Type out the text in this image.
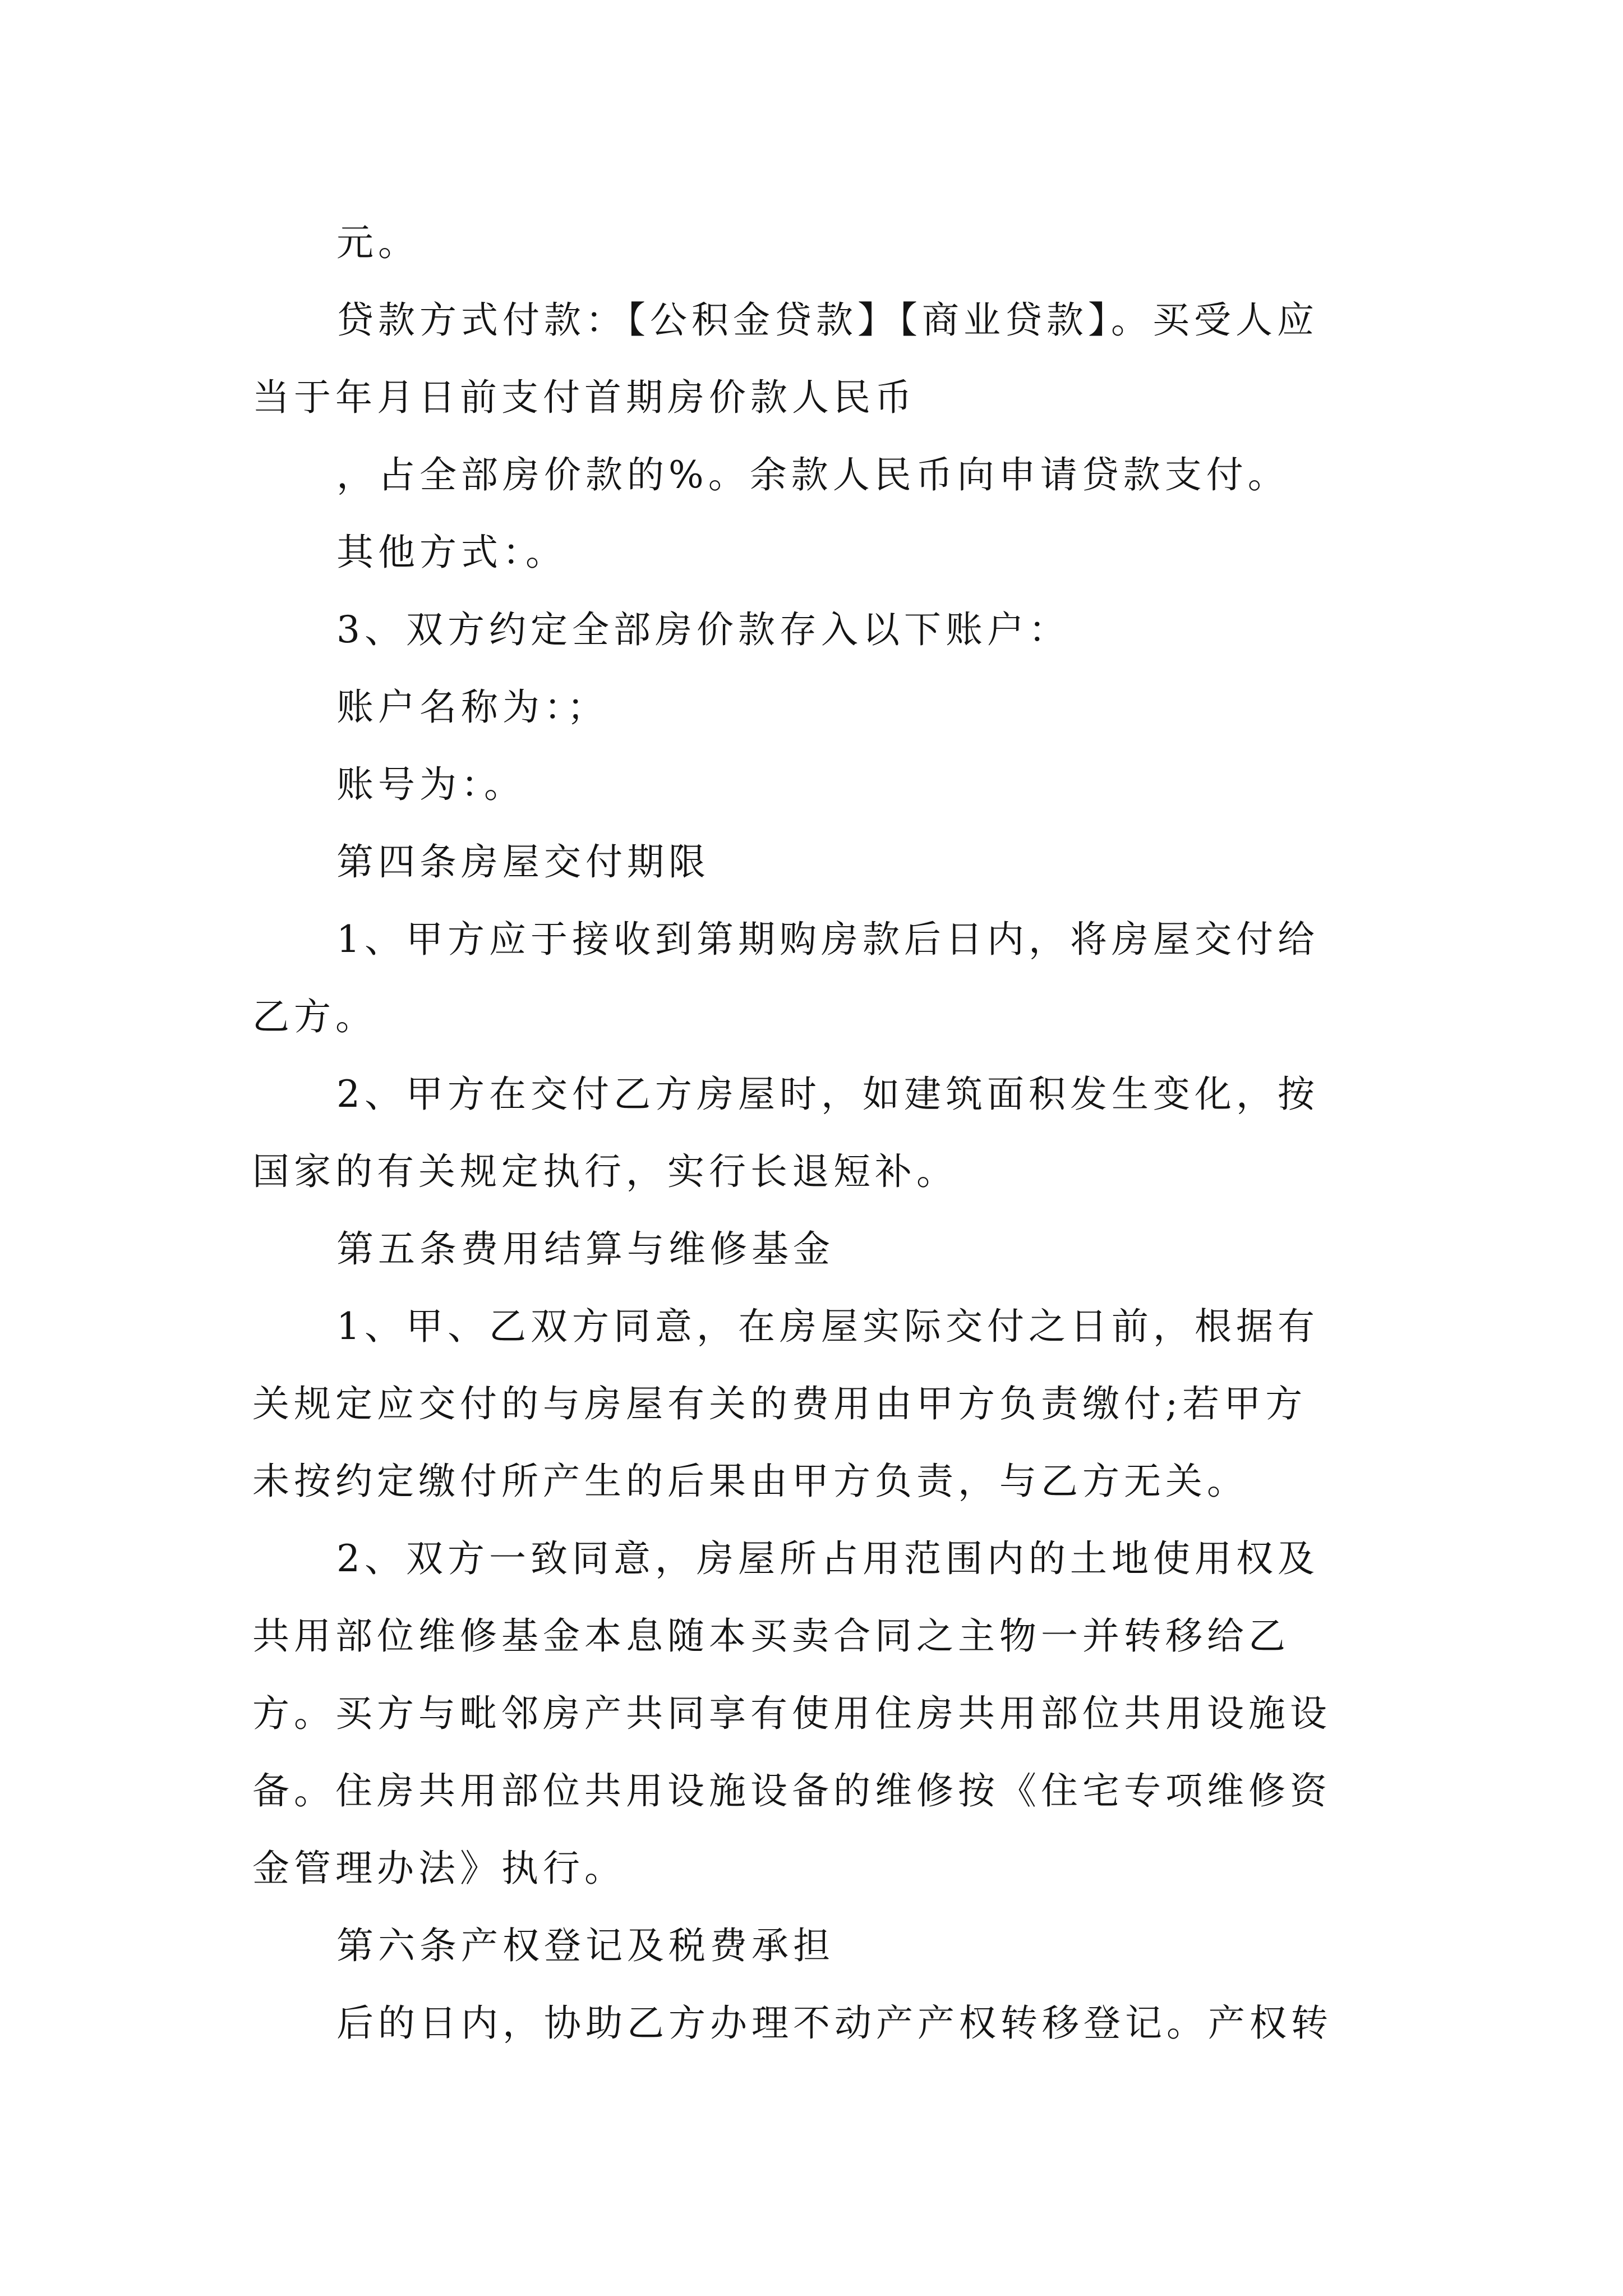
元。

贷款方式付款：【公积金贷款】【商业贷款】。买受人应

当于年月日前支付首期房价款人民币

，占全部房价款的%。余款人民币向申请贷款支付。

其他方式：。

3、双方约定全部房价款存入以下账户：

账户名称为：；

账号为：。

第四条房屋交付期限

1、甲方应于接收到第期购房款后日内，将房屋交付给

乙方。

2、甲方在交付乙方房屋时，如建筑面积发生变化，按

国家的有关规定执行，实行长退短补。

第五条费用结算与维修基金

1、甲、乙双方同意，在房屋实际交付之日前，根据有

关规定应交付的与房屋有关的费用由甲方负责缴付;若甲方

未按约定缴付所产生的后果由甲方负责，与乙方无关。

2、双方一致同意，房屋所占用范围内的土地使用权及

共用部位维修基金本息随本买卖合同之主物一并转移给乙

方。买方与毗邻房产共同享有使用住房共用部位共用设施设

备。住房共用部位共用设施设备的维修按《住宅专项维修资

金管理办法》执行。

第六条产权登记及税费承担

后的日内，协助乙方办理不动产产权转移登记。产权转
